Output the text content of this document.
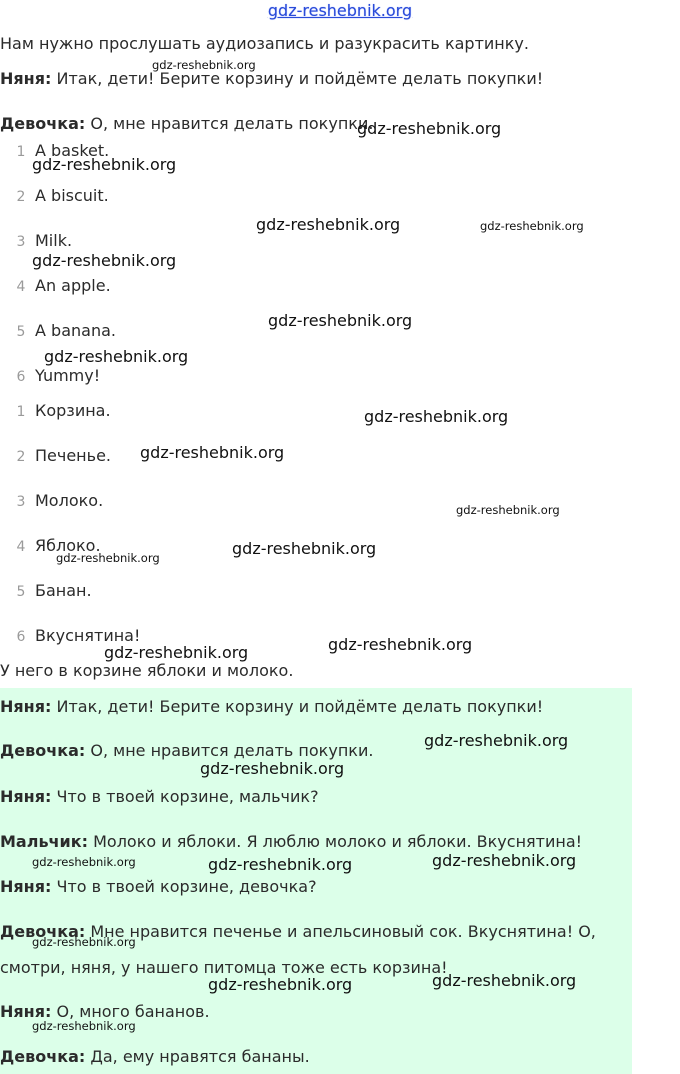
gdz-reshebnik.org
Нам нужно прослушать аудиозапись и разукрасить картинку.
Няня: Итак, дети! Берите корзину и пойдёмте делать покупки!
Девочка: О, мне нравится делать покупки.
1 A basket.
2 A biscuit.
3 Milk.
4 An apple.
5 A banana.
6 Yummy!
1 Корзина.
2 Печенье.
3 Молоко.
4 Яблоко.
5 Банан.
6 Вкуснятина!
У него в корзине яблоки и молоко.
Няня: Итак, дети! Берите корзину и пойдёмте делать покупки!
Девочка: О, мне нравится делать покупки.
Няня: Что в твоей корзине, мальчик?
Мальчик: Молоко и яблоки. Я люблю молоко и яблоки. Вкуснятина!
Няня: Что в твоей корзине, девочка?
Девочка: Мне нравится печенье и апельсиновый сок. Вкуснятина! О,
смотри, няня, у нашего питомца тоже есть корзина!
Няня: О, много бананов.
Девочка: Да, ему нравятся бананы.
gdz-reshebnik.org
gdz-reshebnik.org
gdz-reshebnik.org
gdz-reshebnik.org	gdz-reshebnik.org
gdz-reshebnik.org
gdz-reshebnik.org
gdz-reshebnik.org
gdz-reshebnik.org
gdz-reshebnik.org
gdz-reshebnik.org
gdz-reshebnik.org
gdz-reshebnik.org
gdz-reshebnik.org
gdz-reshebnik.org
gdz-reshebnik.org
gdz-reshebnik.org
gdz-reshebnik.org	gdz-reshebnik.org	gdz-reshebnik.org
gdz-reshebnik.org
gdz-reshebnik.org	gdz-reshebnik.org
gdz-reshebnik.org
